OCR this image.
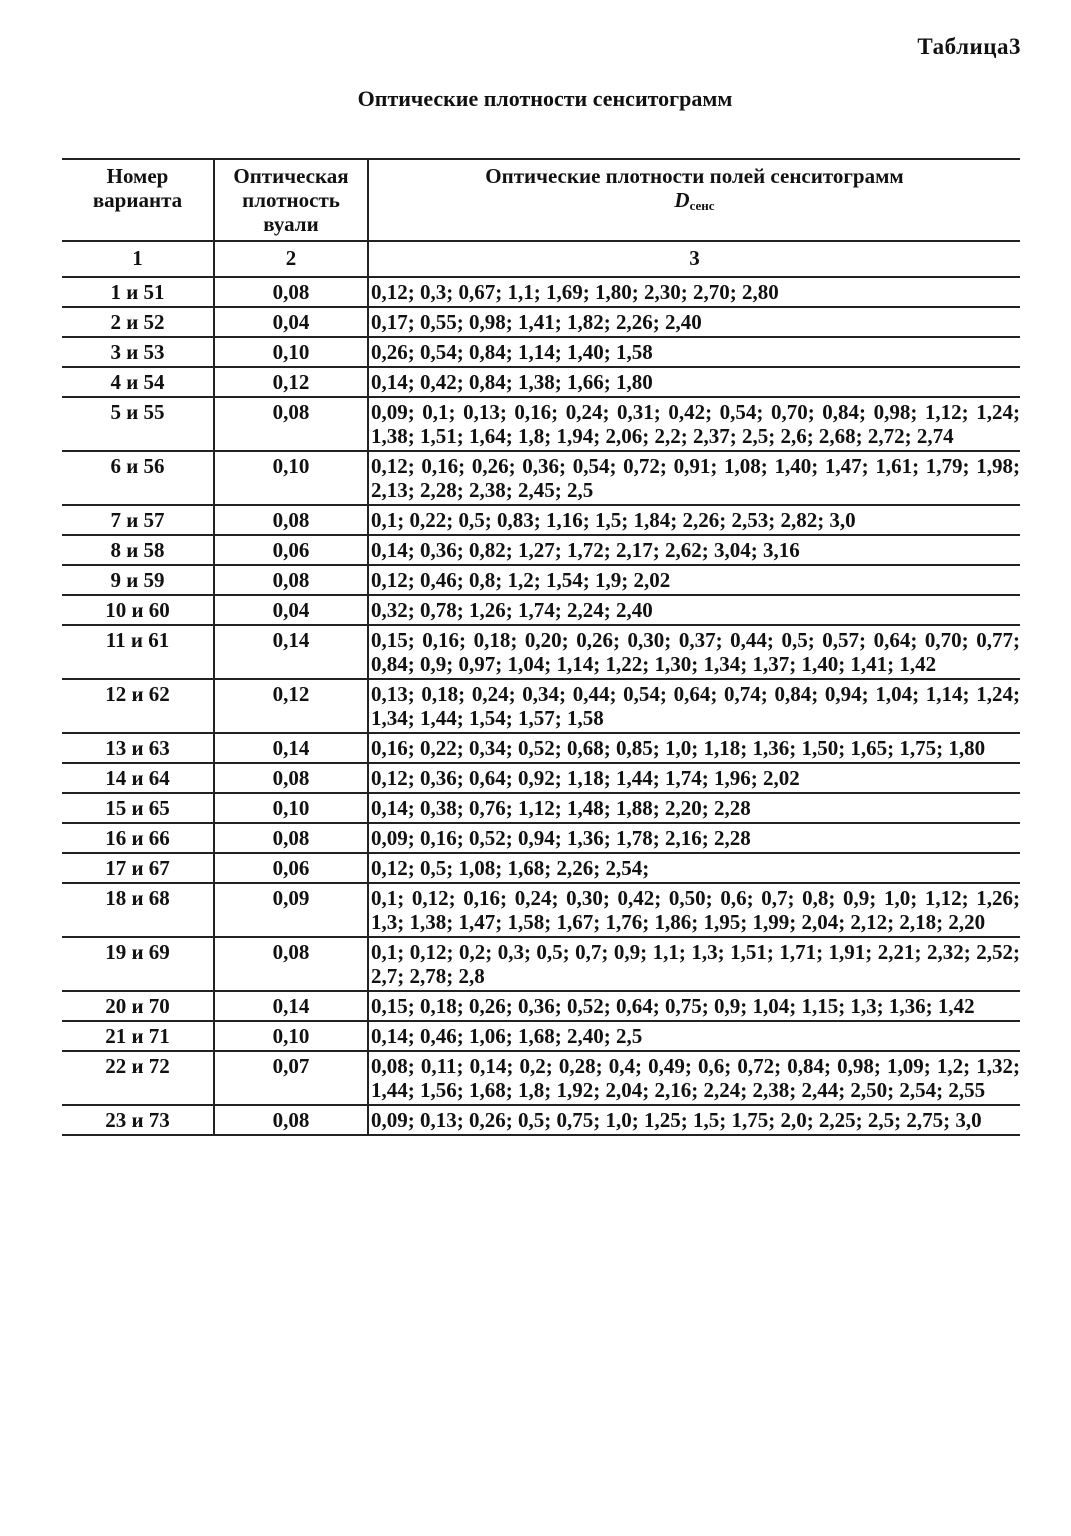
Таблица3
Оптические плотности сенситограмм
Номер варианта	Оптическая плотность вуали	Оптические плотности полей сенситограмм
$D_{сенс}$
1	2	3
1 и 51	0,08	0,12; 0,3; 0,67; 1,1; 1,69; 1,80; 2,30; 2,70; 2,80
2 и 52	0,04	0,17; 0,55; 0,98; 1,41; 1,82; 2,26; 2,40
3 и 53	0,10	0,26; 0,54; 0,84; 1,14; 1,40; 1,58
4 и 54	0,12	0,14; 0,42; 0,84; 1,38; 1,66; 1,80
5 и 55	0,08	0,09; 0,1; 0,13; 0,16; 0,24; 0,31; 0,42; 0,54; 0,70; 0,84; 0,98; 1,12; 1,24; 1,38; 1,51; 1,64; 1,8; 1,94; 2,06; 2,2; 2,37; 2,5; 2,6; 2,68; 2,72; 2,74
6 и 56	0,10	0,12; 0,16; 0,26; 0,36; 0,54; 0,72; 0,91; 1,08; 1,40; 1,47; 1,61; 1,79; 1,98; 2,13; 2,28; 2,38; 2,45; 2,5
7 и 57	0,08	0,1; 0,22; 0,5; 0,83; 1,16; 1,5; 1,84; 2,26; 2,53; 2,82; 3,0
8 и 58	0,06	0,14; 0,36; 0,82; 1,27; 1,72; 2,17; 2,62; 3,04; 3,16
9 и 59	0,08	0,12; 0,46; 0,8; 1,2; 1,54; 1,9; 2,02
10 и 60	0,04	0,32; 0,78; 1,26; 1,74; 2,24; 2,40
11 и 61	0,14	0,15; 0,16; 0,18; 0,20; 0,26; 0,30; 0,37; 0,44; 0,5; 0,57; 0,64; 0,70; 0,77; 0,84; 0,9; 0,97; 1,04; 1,14; 1,22; 1,30; 1,34; 1,37; 1,40; 1,41; 1,42
12 и 62	0,12	0,13; 0,18; 0,24; 0,34; 0,44; 0,54; 0,64; 0,74; 0,84; 0,94; 1,04; 1,14; 1,24; 1,34; 1,44; 1,54; 1,57; 1,58
13 и 63	0,14	0,16; 0,22; 0,34; 0,52; 0,68; 0,85; 1,0; 1,18; 1,36; 1,50; 1,65; 1,75; 1,80
14 и 64	0,08	0,12; 0,36; 0,64; 0,92; 1,18; 1,44; 1,74; 1,96; 2,02
15 и 65	0,10	0,14; 0,38; 0,76; 1,12; 1,48; 1,88; 2,20; 2,28
16 и 66	0,08	0,09; 0,16; 0,52; 0,94; 1,36; 1,78; 2,16; 2,28
17 и 67	0,06	0,12; 0,5; 1,08; 1,68; 2,26; 2,54;
18 и 68	0,09	0,1; 0,12; 0,16; 0,24; 0,30; 0,42; 0,50; 0,6; 0,7; 0,8; 0,9; 1,0; 1,12; 1,26; 1,3; 1,38; 1,47; 1,58; 1,67; 1,76; 1,86; 1,95; 1,99; 2,04; 2,12; 2,18; 2,20
19 и 69	0,08	0,1; 0,12; 0,2; 0,3; 0,5; 0,7; 0,9; 1,1; 1,3; 1,51; 1,71; 1,91; 2,21; 2,32; 2,52; 2,7; 2,78; 2,8
20 и 70	0,14	0,15; 0,18; 0,26; 0,36; 0,52; 0,64; 0,75; 0,9; 1,04; 1,15; 1,3; 1,36; 1,42
21 и 71	0,10	0,14; 0,46; 1,06; 1,68; 2,40; 2,5
22 и 72	0,07	0,08; 0,11; 0,14; 0,2; 0,28; 0,4; 0,49; 0,6; 0,72; 0,84; 0,98; 1,09; 1,2; 1,32; 1,44; 1,56; 1,68; 1,8; 1,92; 2,04; 2,16; 2,24; 2,38; 2,44; 2,50; 2,54; 2,55
23 и 73	0,08	0,09; 0,13; 0,26; 0,5; 0,75; 1,0; 1,25; 1,5; 1,75; 2,0; 2,25; 2,5; 2,75; 3,0
